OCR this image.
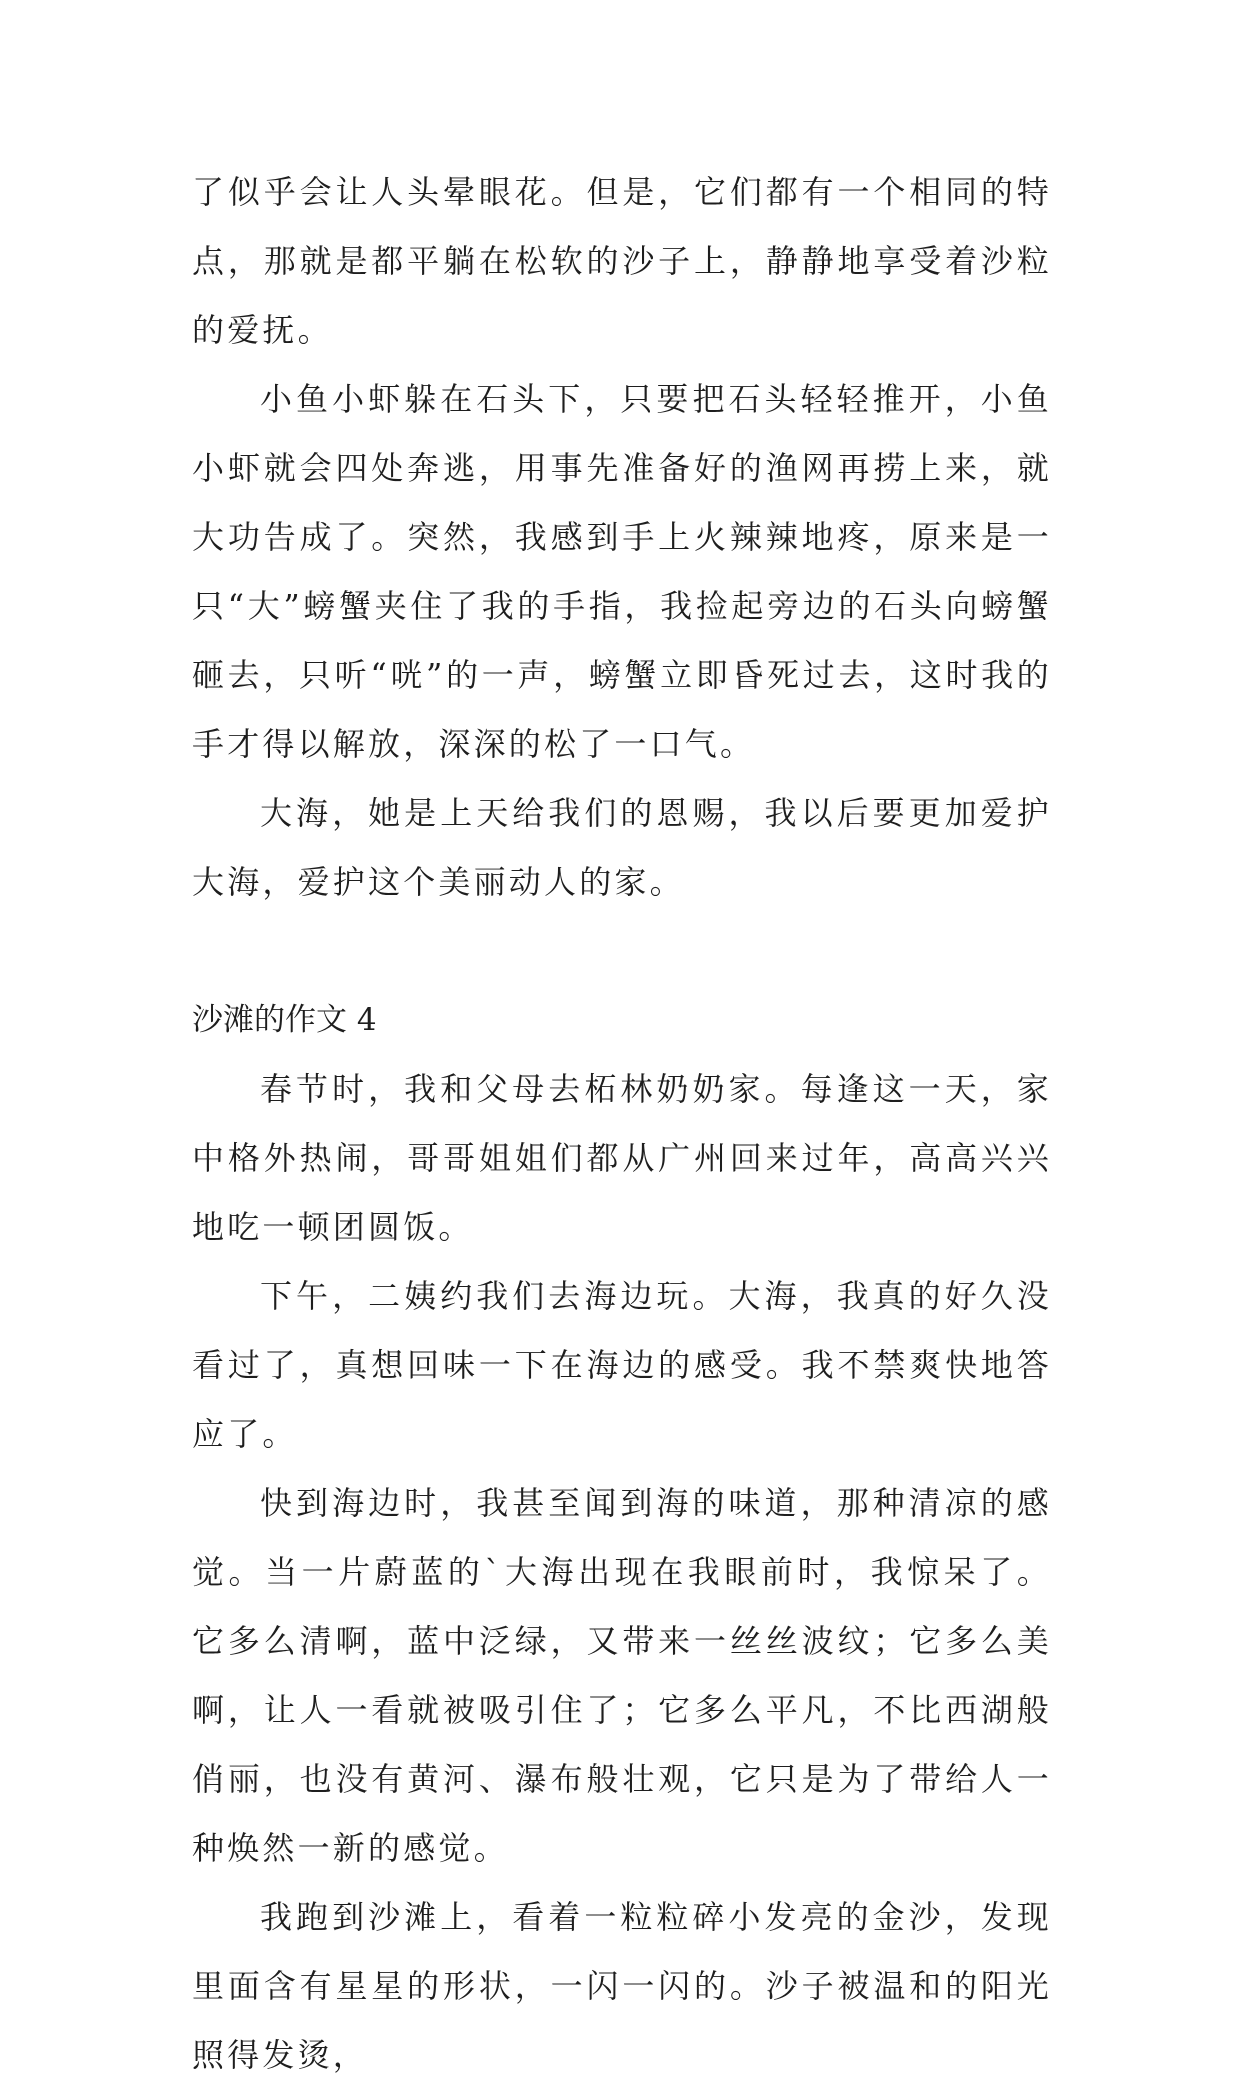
了似乎会让人头晕眼花。但是，它们都有一个相同的特点，那就是都平躺在松软的沙子上，静静地享受着沙粒的爱抚。

小鱼小虾躲在石头下，只要把石头轻轻推开，小鱼小虾就会四处奔逃，用事先准备好的渔网再捞上来，就大功告成了。突然，我感到手上火辣辣地疼，原来是一只“大”螃蟹夹住了我的手指，我捡起旁边的石头向螃蟹砸去，只听“咣”的一声，螃蟹立即昏死过去，这时我的手才得以解放，深深的松了一口气。

大海，她是上天给我们的恩赐，我以后要更加爱护大海，爱护这个美丽动人的家。

沙滩的作文 4

春节时，我和父母去柘林奶奶家。每逢这一天，家中格外热闹，哥哥姐姐们都从广州回来过年，高高兴兴地吃一顿团圆饭。

下午，二姨约我们去海边玩。大海，我真的好久没看过了，真想回味一下在海边的感受。我不禁爽快地答应了。

快到海边时，我甚至闻到海的味道，那种清凉的感觉。当一片蔚蓝的`大海出现在我眼前时，我惊呆了。它多么清啊，蓝中泛绿，又带来一丝丝波纹；它多么美啊，让人一看就被吸引住了；它多么平凡，不比西湖般俏丽，也没有黄河、瀑布般壮观，它只是为了带给人一种焕然一新的感觉。

我跑到沙滩上，看着一粒粒碎小发亮的金沙，发现里面含有星星的形状，一闪一闪的。沙子被温和的阳光照得发烫，
